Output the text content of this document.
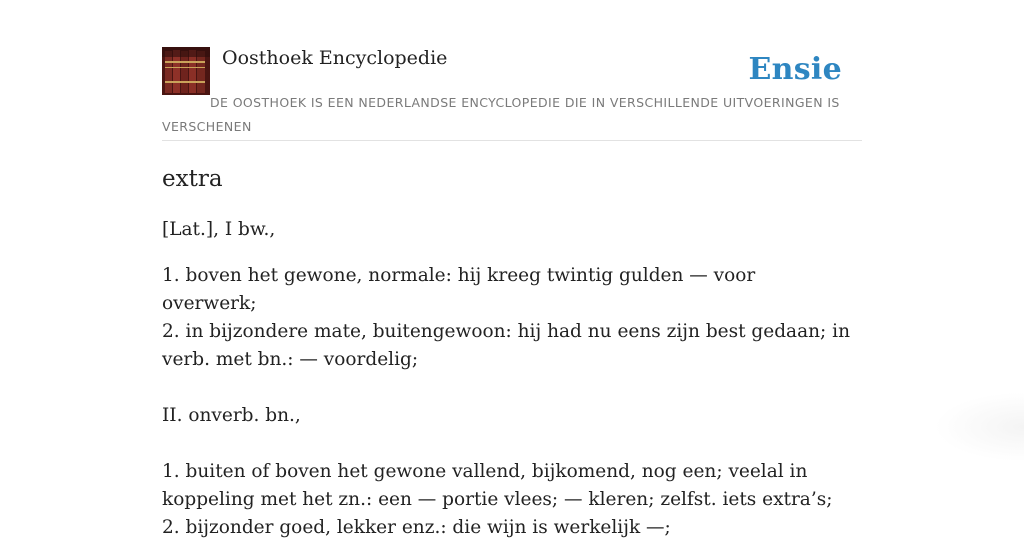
Oosthoek Encyclopedie	Ensie
DE OOSTHOEK IS EEN NEDERLANDSE ENCYCLOPEDIE DIE IN VERSCHILLENDE UITVOERINGEN IS VERSCHENEN
extra

[Lat.], I bw.,

1. boven het gewone, normale: hij kreeg twintig gulden — voor overwerk;

2. in bijzondere mate, buitengewoon: hij had nu eens zijn best gedaan; in verb. met bn.: — voordelig;

II. onverb. bn.,

1. buiten of boven het gewone vallend, bijkomend, nog een; veelal in koppeling met het zn.: een — portie vlees; — kleren; zelfst. iets extra’s;

2. bijzonder goed, lekker enz.: die wijn is werkelijk —;
